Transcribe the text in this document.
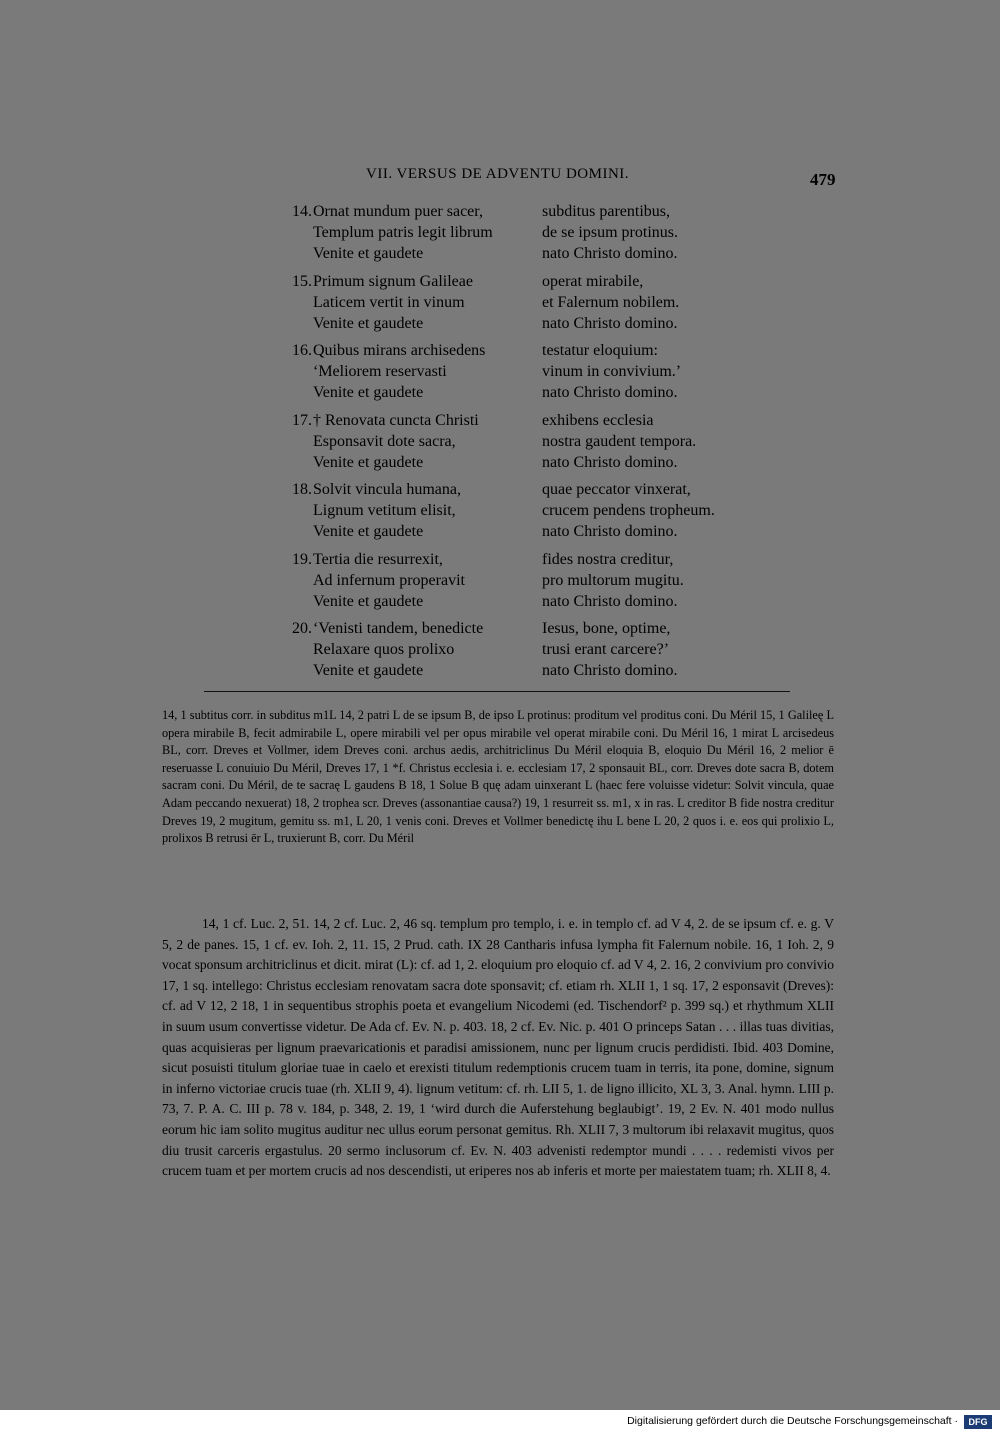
VII. VERSUS DE ADVENTU DOMINI.	479
14. Ornat mundum puer sacer,	subditus parentibus,
Templum patris legit librum	de se ipsum protinus.
Venite et gaudete	nato Christo domino.
15. Primum signum Galileae	operat mirabile,
Laticem vertit in vinum	et Falernum nobilem.
Venite et gaudete	nato Christo domino.
16. Quibus mirans archisedens	testatur eloquium:
‘Meliorem reservasti	vinum in convivium.’
Venite et gaudete	nato Christo domino.
17. † Renovata cuncta Christi	exhibens ecclesia
Esponsavit dote sacra,	nostra gaudent tempora.
Venite et gaudete	nato Christo domino.
18. Solvit vincula humana,	quae peccator vinxerat,
Lignum vetitum elisit,	crucem pendens tropheum.
Venite et gaudete	nato Christo domino.
19. Tertia die resurrexit,	fides nostra creditur,
Ad infernum properavit	pro multorum mugitu.
Venite et gaudete	nato Christo domino.
20. ‘Venisti tandem, benedicte	Iesus, bone, optime,
Relaxare quos prolixo	trusi erant carcere?’
Venite et gaudete	nato Christo domino.
14, 1 subtitus corr. in subditus m1L 14, 2 patri L de se ipsum B, de ipso L protinus: proditum vel proditus coni. Du Méril 15, 1 Galileę L opera mirabile B, fecit admirabile L, opere mirabili vel per opus mirabile vel operat mirabile coni. Du Méril 16, 1 mirat L arcisedeus BL, corr. Dreves et Vollmer, idem Dreves coni. archus aedis, architriclinus Du Méril eloquia B, eloquio Du Méril 16, 2 melior ē reseruasse L conuiuio Du Méril, Dreves 17, 1 *f. Christus ecclesia i. e. ecclesiam 17, 2 sponsauit BL, corr. Dreves dote sacra B, dotem sacram coni. Du Méril, de te sacraę L gaudens B 18, 1 Solue B quę adam uinxerant L (haec fere voluisse videtur: Solvit vincula, quae Adam peccando nexuerat) 18, 2 trophea scr. Dreves (assonantiae causa?) 19, 1 resurreit ss. m1, x in ras. L creditor B fide nostra creditur Dreves 19, 2 mugitum, gemitu ss. m1, L 20, 1 venis coni. Dreves et Vollmer benedictę ihu L bene L 20, 2 quos i. e. eos qui prolixio L, prolixos B retrusi ēr L, truxierunt B, corr. Du Méril

14, 1 cf. Luc. 2, 51. 14, 2 cf. Luc. 2, 46 sq. templum pro templo, i. e. in templo cf. ad V 4, 2. de se ipsum cf. e. g. V 5, 2 de panes. 15, 1 cf. ev. Ioh. 2, 11. 15, 2 Prud. cath. IX 28 Cantharis infusa lympha fit Falernum nobile. 16, 1 Ioh. 2, 9 vocat sponsum architriclinus et dicit. mirat (L): cf. ad 1, 2. eloquium pro eloquio cf. ad V 4, 2. 16, 2 convivium pro convivio 17, 1 sq. intellego: Christus ecclesiam renovatam sacra dote sponsavit; cf. etiam rh. XLII 1, 1 sq. 17, 2 esponsavit (Dreves): cf. ad V 12, 2 18, 1 in sequentibus strophis poeta et evangelium Nicodemi (ed. Tischendorf² p. 399 sq.) et rhythmum XLII in suum usum convertisse videtur. De Ada cf. Ev. N. p. 403. 18, 2 cf. Ev. Nic. p. 401 O princeps Satan . . . illas tuas divitias, quas acquisieras per lignum praevaricationis et paradisi amissionem, nunc per lignum crucis perdidisti. Ibid. 403 Domine, sicut posuisti titulum gloriae tuae in caelo et erexisti titulum redemptionis crucem tuam in terris, ita pone, domine, signum in inferno victoriae crucis tuae (rh. XLII 9, 4). lignum vetitum: cf. rh. LII 5, 1. de ligno illicito, XL 3, 3. Anal. hymn. LIII p. 73, 7. P. A. C. III p. 78 v. 184, p. 348, 2. 19, 1 ‘wird durch die Auferstehung beglaubigt’. 19, 2 Ev. N. 401 modo nullus eorum hic iam solito mugitus auditur nec ullus eorum personat gemitus. Rh. XLII 7, 3 multorum ibi relaxavit mugitus, quos diu trusit carceris ergastulus. 20 sermo inclusorum cf. Ev. N. 403 advenisti redemptor mundi . . . . redemisti vivos per crucem tuam et per mortem crucis ad nos descendisti, ut eriperes nos ab inferis et morte per maiestatem tuam; rh. XLII 8, 4.

Digitalisierung gefördert durch die Deutsche Forschungsgemeinschaft ·	DFG
